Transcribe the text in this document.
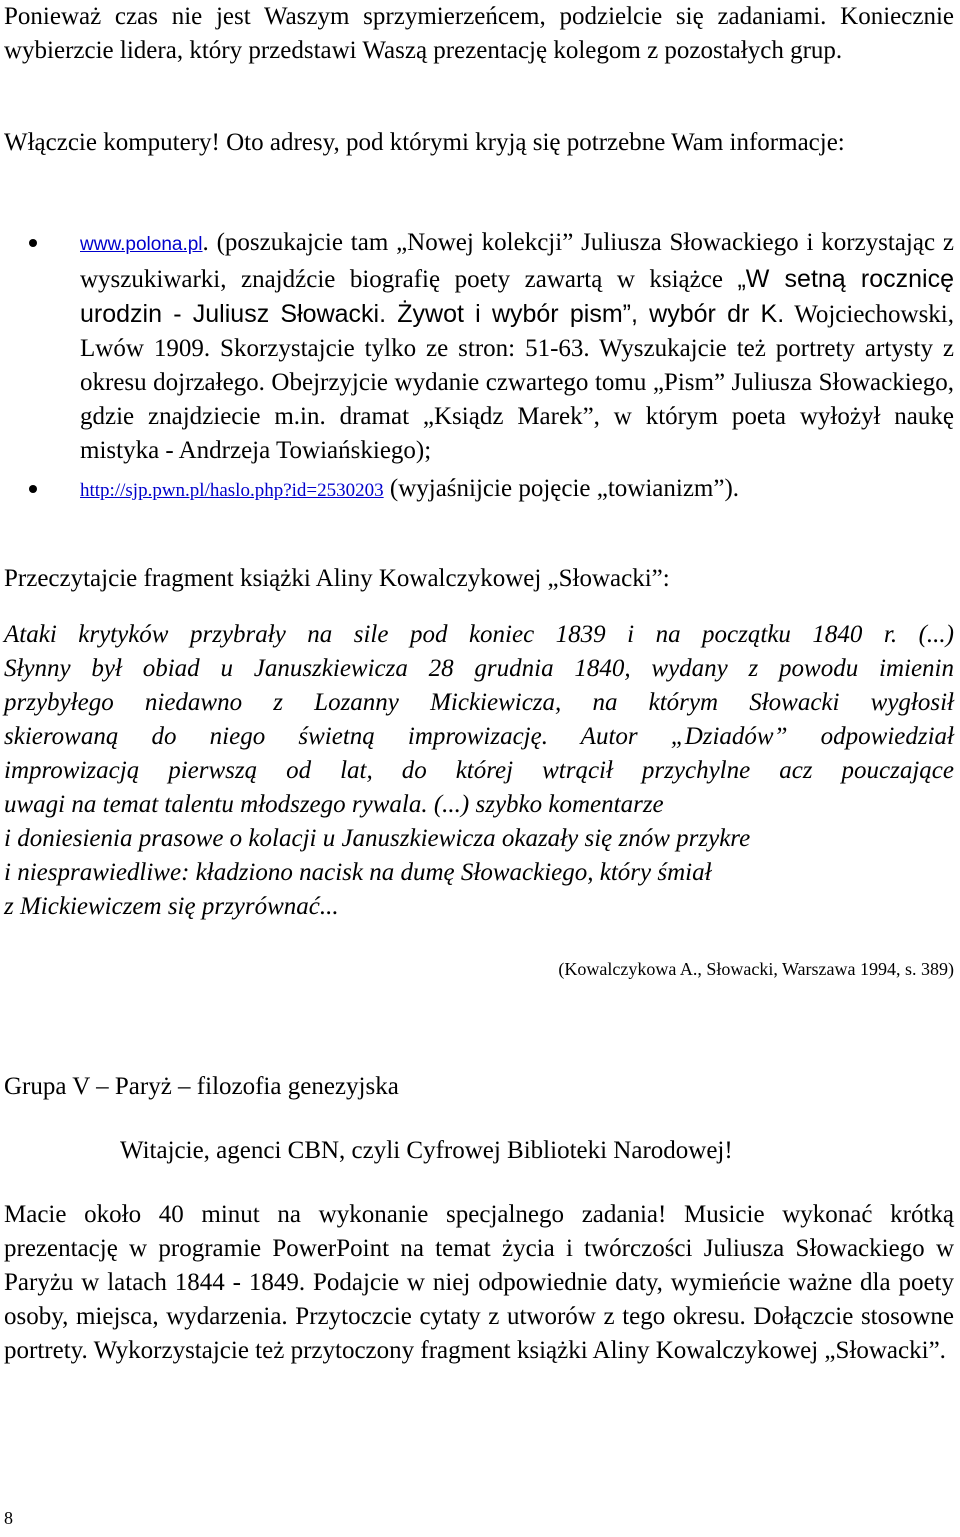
Ponieważ czas nie jest Waszym sprzymierzeńcem, podzielcie się zadaniami. Koniecznie wybierzcie lidera, który przedstawi Waszą prezentację kolegom z pozostałych grup.

Włączcie komputery! Oto adresy, pod którymi kryją się potrzebne Wam informacje:

www.polona.pl. (poszukajcie tam „Nowej kolekcji” Juliusza Słowackiego i korzystając z wyszukiwarki, znajdźcie biografię poety zawartą w książce „W setną rocznicę urodzin - Juliusz Słowacki. Żywot i wybór pism”, wybór dr K. Wojciechowski, Lwów 1909. Skorzystajcie tylko ze stron: 51-63. Wyszukajcie też portrety artysty z okresu dojrzałego. Obejrzyjcie wydanie czwartego tomu „Pism” Juliusza Słowackiego, gdzie znajdziecie m.in. dramat „Ksiądz Marek”, w którym poeta wyłożył naukę mistyka - Andrzeja Towiańskiego);
http://sjp.pwn.pl/haslo.php?id=2530203 (wyjaśnijcie pojęcie „towianizm”).

Przeczytajcie fragment książki Aliny Kowalczykowej „Słowacki”:

Ataki krytyków przybrały na sile pod koniec 1839 i na początku 1840 r. (...)

Słynny był obiad u Januszkiewicza 28 grudnia 1840, wydany z powodu imienin

przybyłego niedawno z Lozanny Mickiewicza, na którym Słowacki wygłosił

skierowaną do niego świetną improwizację. Autor „Dziadów” odpowiedział

improwizacją pierwszą od lat, do której wtrącił przychylne acz pouczające

uwagi na temat talentu młodszego rywala. (...) szybko komentarze

i doniesienia prasowe o kolacji u Januszkiewicza okazały się znów przykre

i niesprawiedliwe: kładziono nacisk na dumę Słowackiego, który śmiał

z Mickiewiczem się przyrównać...

(Kowalczykowa A., Słowacki, Warszawa 1994, s. 389)

Grupa V – Paryż – filozofia genezyjska

Witajcie, agenci CBN, czyli Cyfrowej Biblioteki Narodowej!

Macie około 40 minut na wykonanie specjalnego zadania! Musicie wykonać krótką prezentację w programie PowerPoint na temat życia i twórczości Juliusza Słowackiego w Paryżu w latach 1844 - 1849. Podajcie w niej odpowiednie daty, wymieńcie ważne dla poety osoby, miejsca, wydarzenia. Przytoczcie cytaty z utworów z tego okresu. Dołączcie stosowne portrety. Wykorzystajcie też przytoczony fragment książki Aliny Kowalczykowej „Słowacki”.

8
